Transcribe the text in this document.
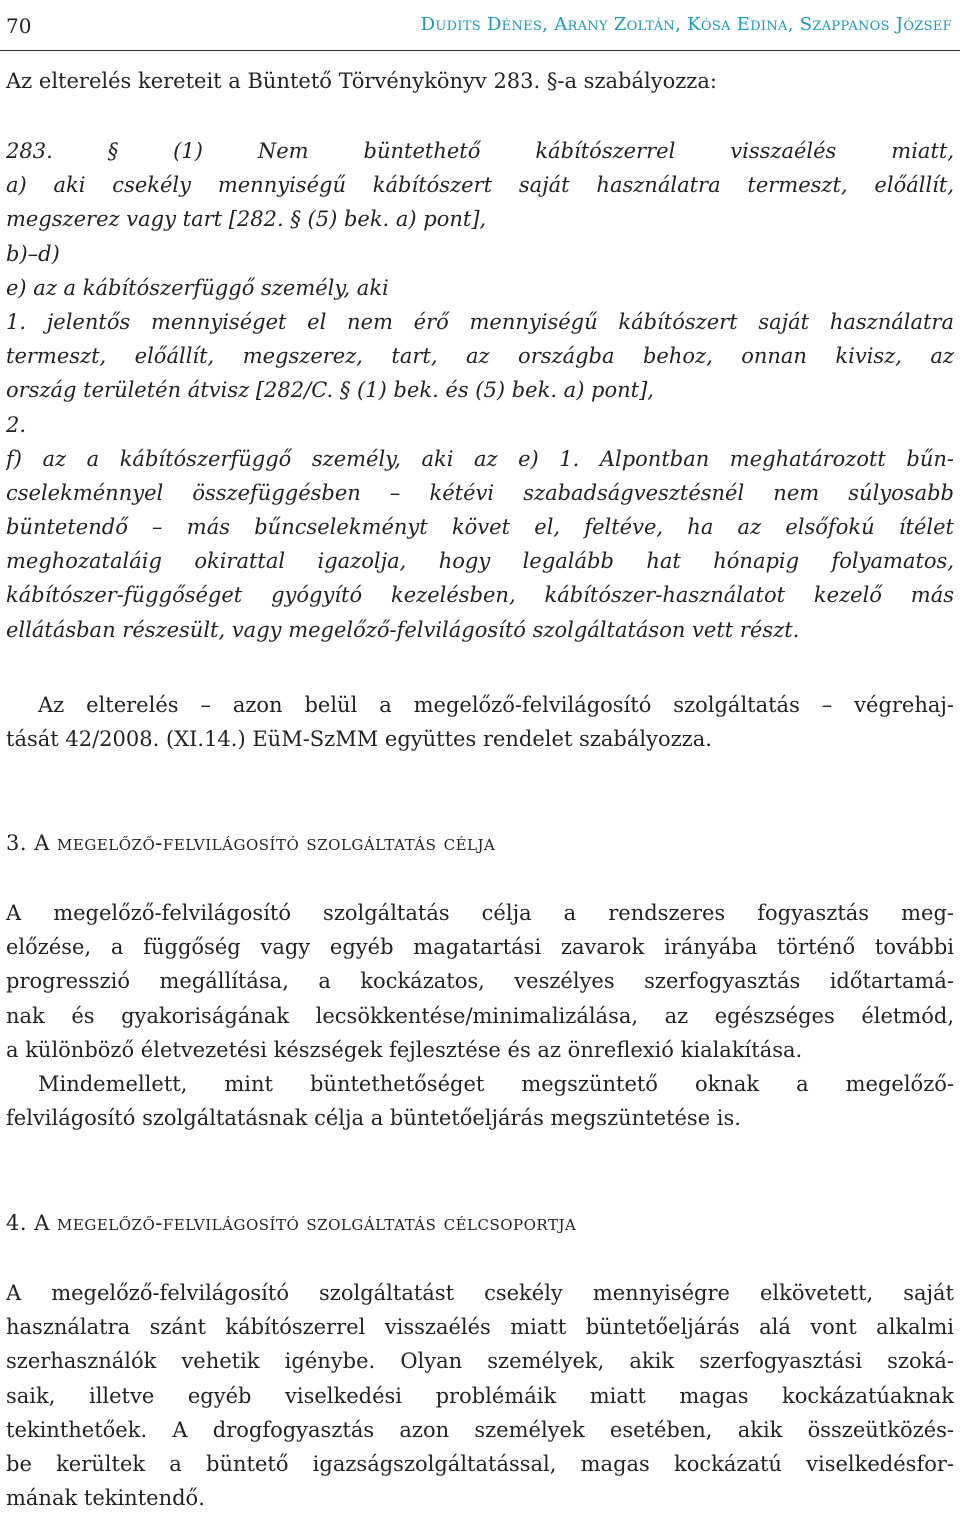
70	Dudits Dénes, Arany Zoltán, Kósa Edina, Szappanos József
Az elterelés kereteit a Büntető Törvénykönyv 283. §-a szabályozza:
283. § (1) Nem büntethető kábítószerrel visszaélés miatt,
a) aki csekély mennyiségű kábítószert saját használatra termeszt, előállít,
megszerez vagy tart [282. § (5) bek. a) pont],
b)–d)
e) az a kábítószerfüggő személy, aki
1. jelentős mennyiséget el nem érő mennyiségű kábítószert saját használatra
termeszt, előállít, megszerez, tart, az országba behoz, onnan kivisz, az
ország területén átvisz [282/C. § (1) bek. és (5) bek. a) pont],
2.
f) az a kábítószerfüggő személy, aki az e) 1. Alpontban meghatározott bűn-
cselekménnyel összefüggésben – kétévi szabadságvesztésnél nem súlyosabb
büntetendő – más bűncselekményt követ el, feltéve, ha az elsőfokú ítélet
meghozataláig okirattal igazolja, hogy legalább hat hónapig folyamatos,
kábítószer-függőséget gyógyító kezelésben, kábítószer-használatot kezelő más
ellátásban részesült, vagy megelőző-felvilágosító szolgáltatáson vett részt.
Az elterelés – azon belül a megelőző-felvilágosító szolgáltatás – végrehaj-
tását 42/2008. (XI.14.) EüM-SzMM együttes rendelet szabályozza.
3. A megelőző-felvilágosító szolgáltatás célja
A megelőző-felvilágosító szolgáltatás célja a rendszeres fogyasztás meg-
előzése, a függőség vagy egyéb magatartási zavarok irányába történő további
progresszió megállítása, a kockázatos, veszélyes szerfogyasztás időtartamá-
nak és gyakoriságának lecsökkentése/minimalizálása, az egészséges életmód,
a különböző életvezetési készségek fejlesztése és az önreflexió kialakítása.
Mindemellett, mint büntethetőséget megszüntető oknak a megelőző-
felvilágosító szolgáltatásnak célja a büntetőeljárás megszüntetése is.
4. A megelőző-felvilágosító szolgáltatás célcsoportja
A megelőző-felvilágosító szolgáltatást csekély mennyiségre elkövetett, saját
használatra szánt kábítószerrel visszaélés miatt büntetőeljárás alá vont alkalmi
szerhasználók vehetik igénybe. Olyan személyek, akik szerfogyasztási szoká-
saik, illetve egyéb viselkedési problémáik miatt magas kockázatúaknak
tekinthetőek. A drogfogyasztás azon személyek esetében, akik összeütközés-
be kerültek a büntető igazságszolgáltatással, magas kockázatú viselkedésfor-
mának tekintendő.
